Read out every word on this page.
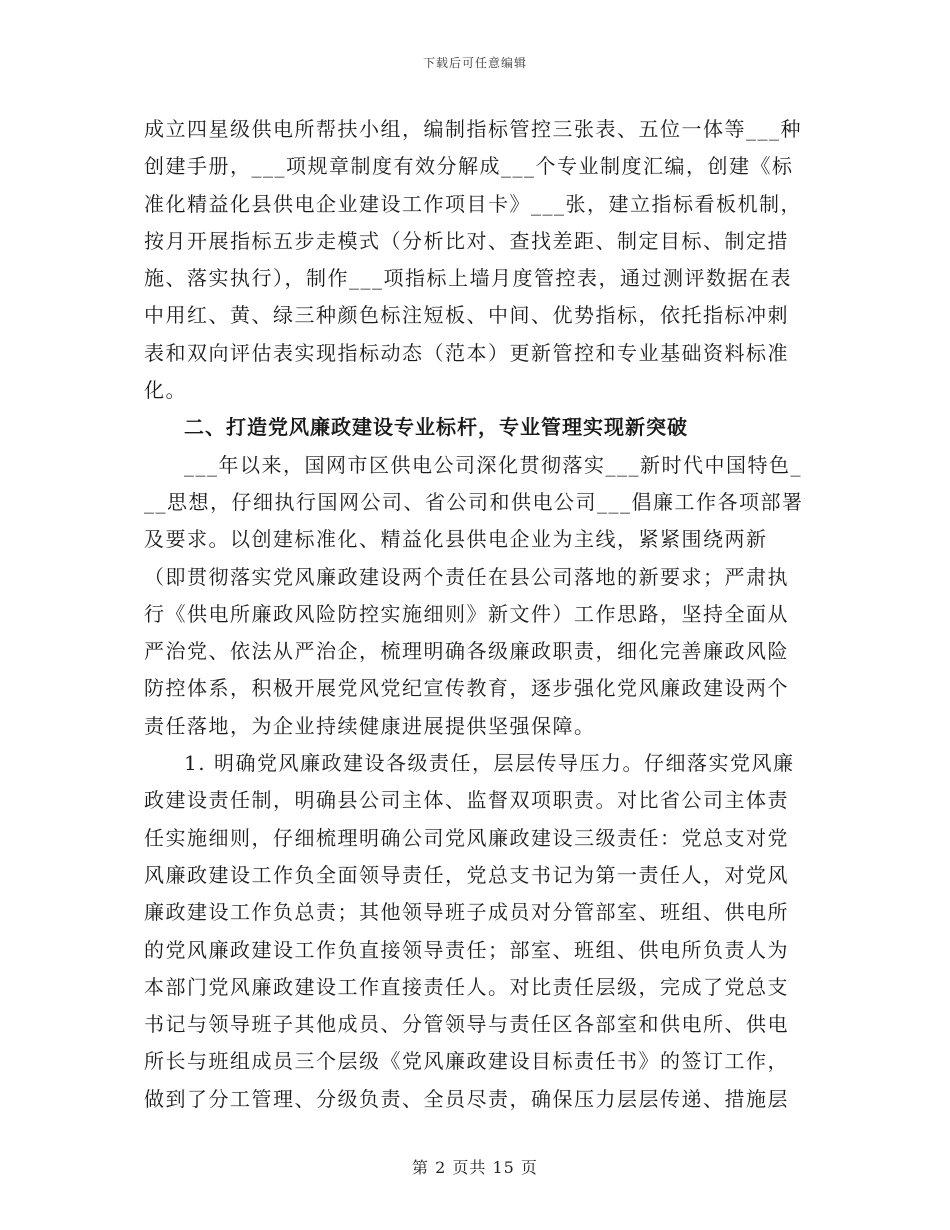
下载后可任意编辑
成立四星级供电所帮扶小组，编制指标管控三张表、五位一体等___种
创建手册，___项规章制度有效分解成___个专业制度汇编，创建《标
准化精益化县供电企业建设工作项目卡》___张，建立指标看板机制，
按月开展指标五步走模式（分析比对、查找差距、制定目标、制定措
施、落实执行），制作___项指标上墙月度管控表，通过测评数据在表
中用红、黄、绿三种颜色标注短板、中间、优势指标，依托指标冲刺
表和双向评估表实现指标动态（范本）更新管控和专业基础资料标准
化。
二、打造党风廉政建设专业标杆，专业管理实现新突破
___年以来，国网市区供电公司深化贯彻落实___新时代中国特色_
__思想，仔细执行国网公司、省公司和供电公司___倡廉工作各项部署
及要求。以创建标准化、精益化县供电企业为主线，紧紧围绕两新
（即贯彻落实党风廉政建设两个责任在县公司落地的新要求；严肃执
行《供电所廉政风险防控实施细则》新文件）工作思路，坚持全面从
严治党、依法从严治企，梳理明确各级廉政职责，细化完善廉政风险
防控体系，积极开展党风党纪宣传教育，逐步强化党风廉政建设两个
责任落地，为企业持续健康进展提供坚强保障。
1. 明确党风廉政建设各级责任，层层传导压力。仔细落实党风廉
政建设责任制，明确县公司主体、监督双项职责。对比省公司主体责
任实施细则，仔细梳理明确公司党风廉政建设三级责任：党总支对党
风廉政建设工作负全面领导责任，党总支书记为第一责任人，对党风
廉政建设工作负总责；其他领导班子成员对分管部室、班组、供电所
的党风廉政建设工作负直接领导责任；部室、班组、供电所负责人为
本部门党风廉政建设工作直接责任人。对比责任层级，完成了党总支
书记与领导班子其他成员、分管领导与责任区各部室和供电所、供电
所长与班组成员三个层级《党风廉政建设目标责任书》的签订工作，
做到了分工管理、分级负责、全员尽责，确保压力层层传递、措施层
第 2 页共 15 页
